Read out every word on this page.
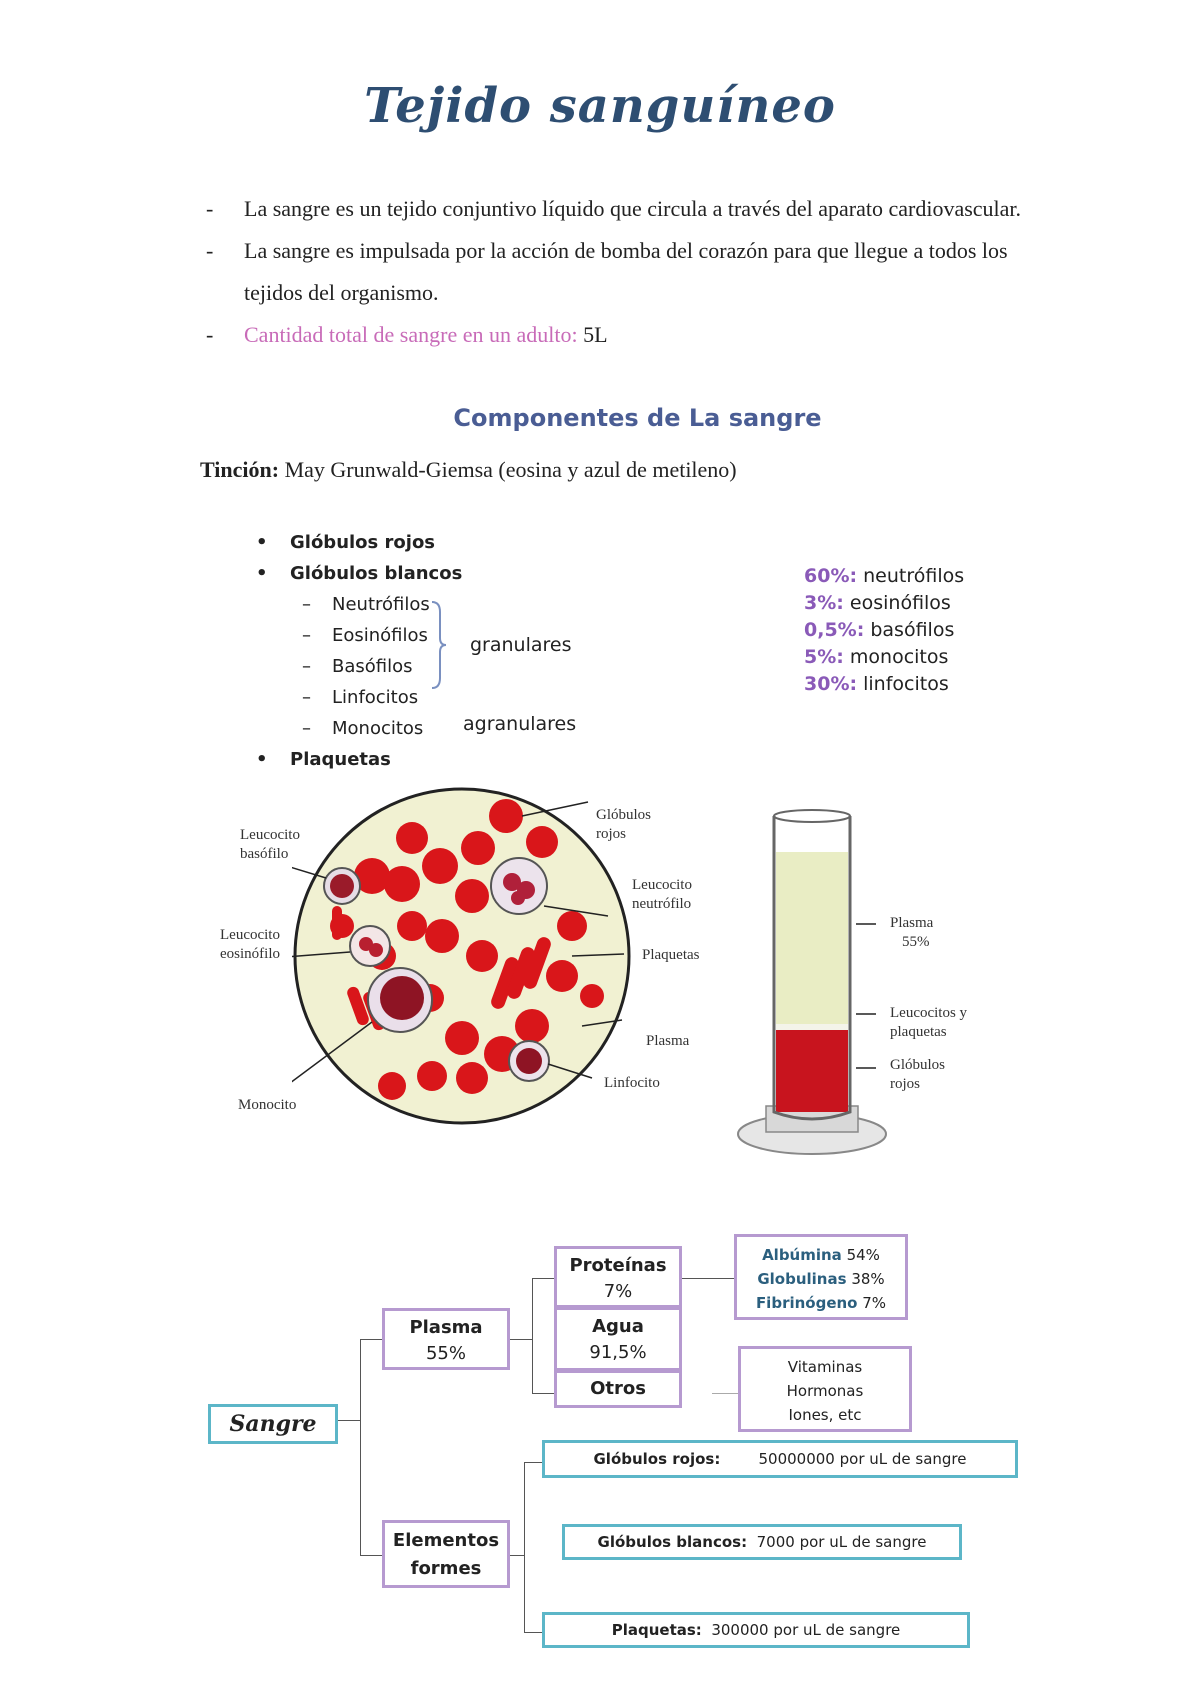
Tejido sanguíneo
- La sangre es un tejido conjuntivo líquido que circula a través del aparato cardiovascular.
- La sangre es impulsada por la acción de bomba del corazón para que llegue a todos los tejidos del organismo.
- Cantidad total de sangre en un adulto: 5L
Componentes de La sangre
Tinción: May Grunwald-Giemsa (eosina y azul de metileno)
• Glóbulos rojos
• Glóbulos blancos
– Neutrófilos
– Eosinófilos
– Basófilos
– Linfocitos
– Monocitos
• Plaquetas
granulares
agranulares
60%: neutrófilos
3%: eosinófilos
0,5%: basófilos
5%: monocitos
30%: linfocitos
Leucocito basófilo
Leucocito eosinófilo
Monocito
Glóbulos rojos
Leucocito neutrófilo
Plaquetas
Plasma
Linfocito
Plasma
55%
Leucocitos y plaquetas
Glóbulos rojos
Sangre
Plasma
55%
Proteínas
7%
Agua
91,5%
Otros
Albúmina 54%
Globulinas 38%
Fibrinógeno 7%
Vitaminas
Hormonas
Iones, etc
Elementos formes
Glóbulos rojos:	50000000 por uL de sangre
Glóbulos blancos: 7000 por uL de sangre
Plaquetas: 300000 por uL de sangre
